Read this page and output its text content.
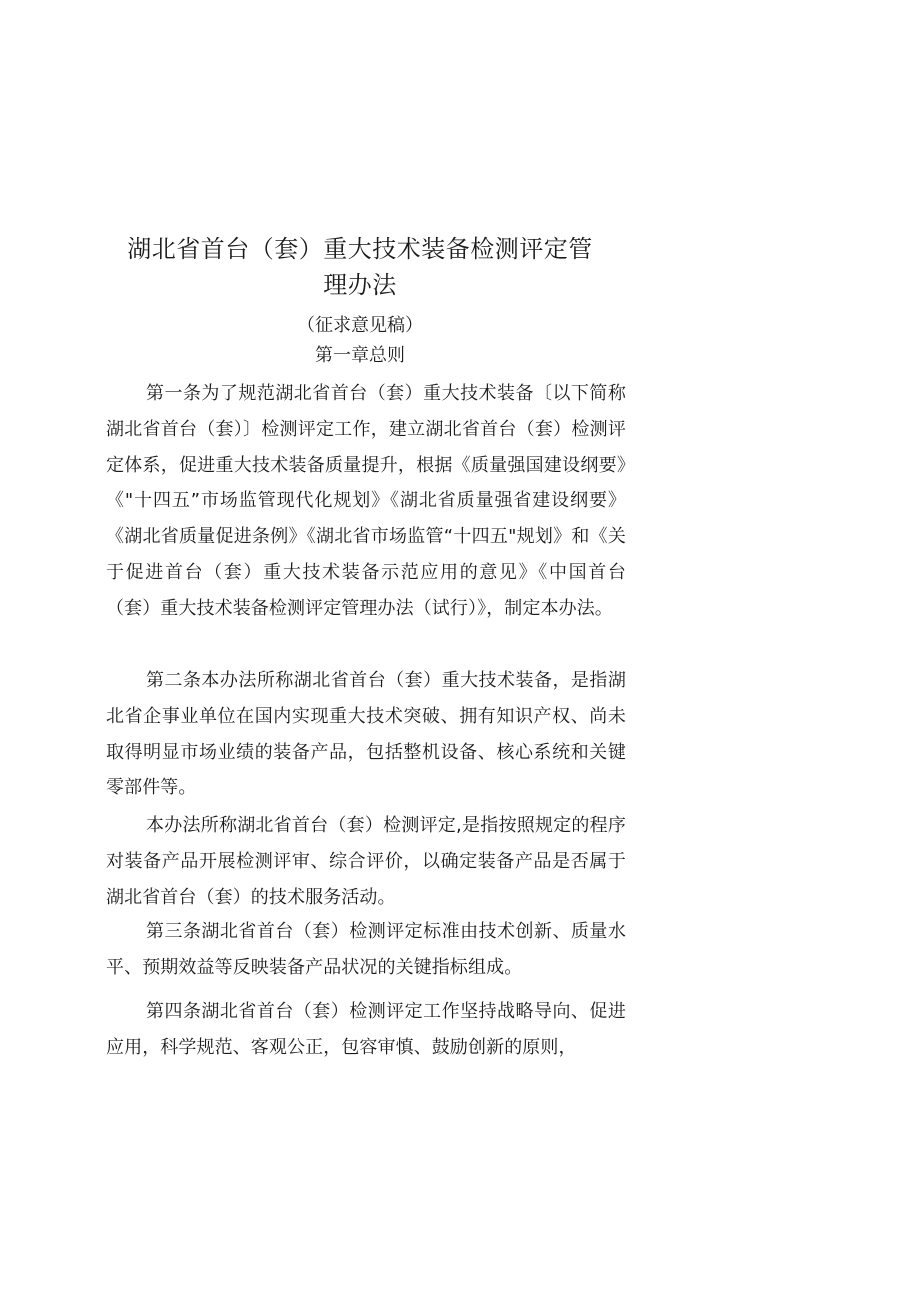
湖北省首台（套）重大技术装备检测评定管
理办法
（征求意见稿）
第一章总则

第一条为了规范湖北省首台（套）重大技术装备〔以下简称湖北省首台（套）〕检测评定工作，建立湖北省首台（套）检测评定体系，促进重大技术装备质量提升，根据《质量强国建设纲要》《"十四五”市场监管现代化规划》《湖北省质量强省建设纲要》《湖北省质量促进条例》《湖北省市场监管“十四五"规划》和《关于促进首台（套）重大技术装备示范应用的意见》《中国首台（套）重大技术装备检测评定管理办法（试行）》，制定本办法。

第二条本办法所称湖北省首台（套）重大技术装备，是指湖北省企事业单位在国内实现重大技术突破、拥有知识产权、尚未取得明显市场业绩的装备产品，包括整机设备、核心系统和关键零部件等。

本办法所称湖北省首台（套）检测评定,是指按照规定的程序对装备产品开展检测评审、综合评价，以确定装备产品是否属于湖北省首台（套）的技术服务活动。

第三条湖北省首台（套）检测评定标准由技术创新、质量水平、预期效益等反映装备产品状况的关键指标组成。

第四条湖北省首台（套）检测评定工作坚持战略导向、促进应用，科学规范、客观公正，包容审慎、鼓励创新的原则，
